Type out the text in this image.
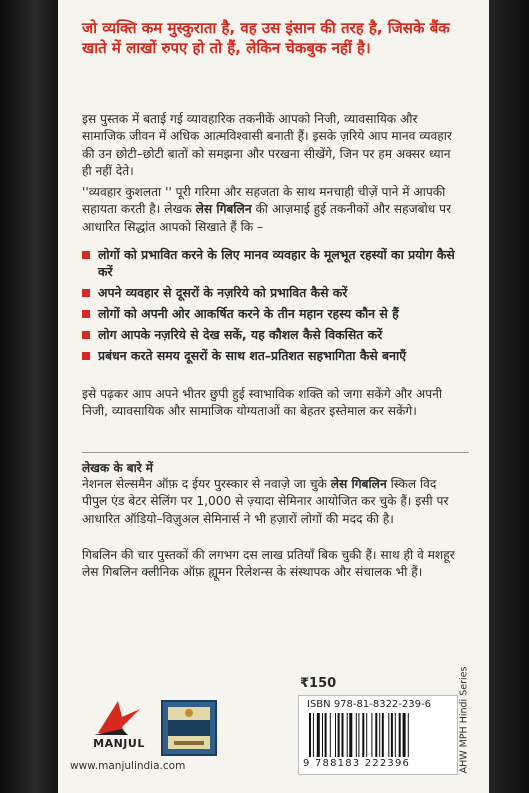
जो व्यक्ति कम मुस्कुराता है, वह उस इंसान की तरह है, जिसके बैंक खाते में लाखों रुपए हो तो हैं, लेकिन चेकबुक नहीं है।
इस पुस्तक में बताई गई व्यावहारिक तकनीकें आपको निजी, व्यावसायिक और सामाजिक जीवन में अधिक आत्मविश्वासी बनाती हैं। इसके ज़रिये आप मानव व्यवहार की उन छोटी–छोटी बातों को समझना और परखना सीखेंगे, जिन पर हम अक्सर ध्यान ही नहीं देते।
''व्यवहार कुशलता '' पूरी गरिमा और सहजता के साथ मनचाही चीज़ें पाने में आपकी सहायता करती है। लेखक लेस गिबलिन की आज़माई हुई तकनीकों और सहजबोध पर आधारित सिद्धांत आपको सिखाते हैं कि –
लोगों को प्रभावित करने के लिए मानव व्यवहार के मूलभूत रहस्यों का प्रयोग कैसे करें
अपने व्यवहार से दूसरों के नज़रिये को प्रभावित कैसे करें
लोगों को अपनी ओर आकर्षित करने के तीन महान रहस्य कौन से हैं
लोग आपके नज़रिये से देख सकें, यह कौशल कैसे विकसित करें
प्रबंधन करते समय दूसरों के साथ शत–प्रतिशत सहभागिता कैसे बनाएँ
इसे पढ़कर आप अपने भीतर छुपी हुई स्वाभाविक शक्ति को जगा सकेंगे और अपनी निजी, व्यावसायिक और सामाजिक योग्यताओं का बेहतर इस्तेमाल कर सकेंगे।
लेखक के बारे में
नेशनल सेल्समैन ऑफ़ द ईयर पुरस्कार से नवाज़े जा चुके लेस गिबलिन स्किल विद पीपुल एंड बेटर सेलिंग पर 1,000 से ज़्यादा सेमिनार आयोजित कर चुके हैं। इसी पर आधारित ऑडियो–विज़ुअल सेमिनार्स ने भी हज़ारों लोगों की मदद की है।
गिबलिन की चार पुस्तकों की लगभग दस लाख प्रतियाँ बिक चुकी हैं। साथ ही वे मशहूर लेस गिबलिन क्लीनिक ऑफ़ ह्यूमन रिलेशन्स के संस्थापक और संचालक भी हैं।
₹150
ISBN 978-81-8322-239-6
9 788183 222396	AHW MPH Hindi Series
MANJUL
www.manjulindia.com
